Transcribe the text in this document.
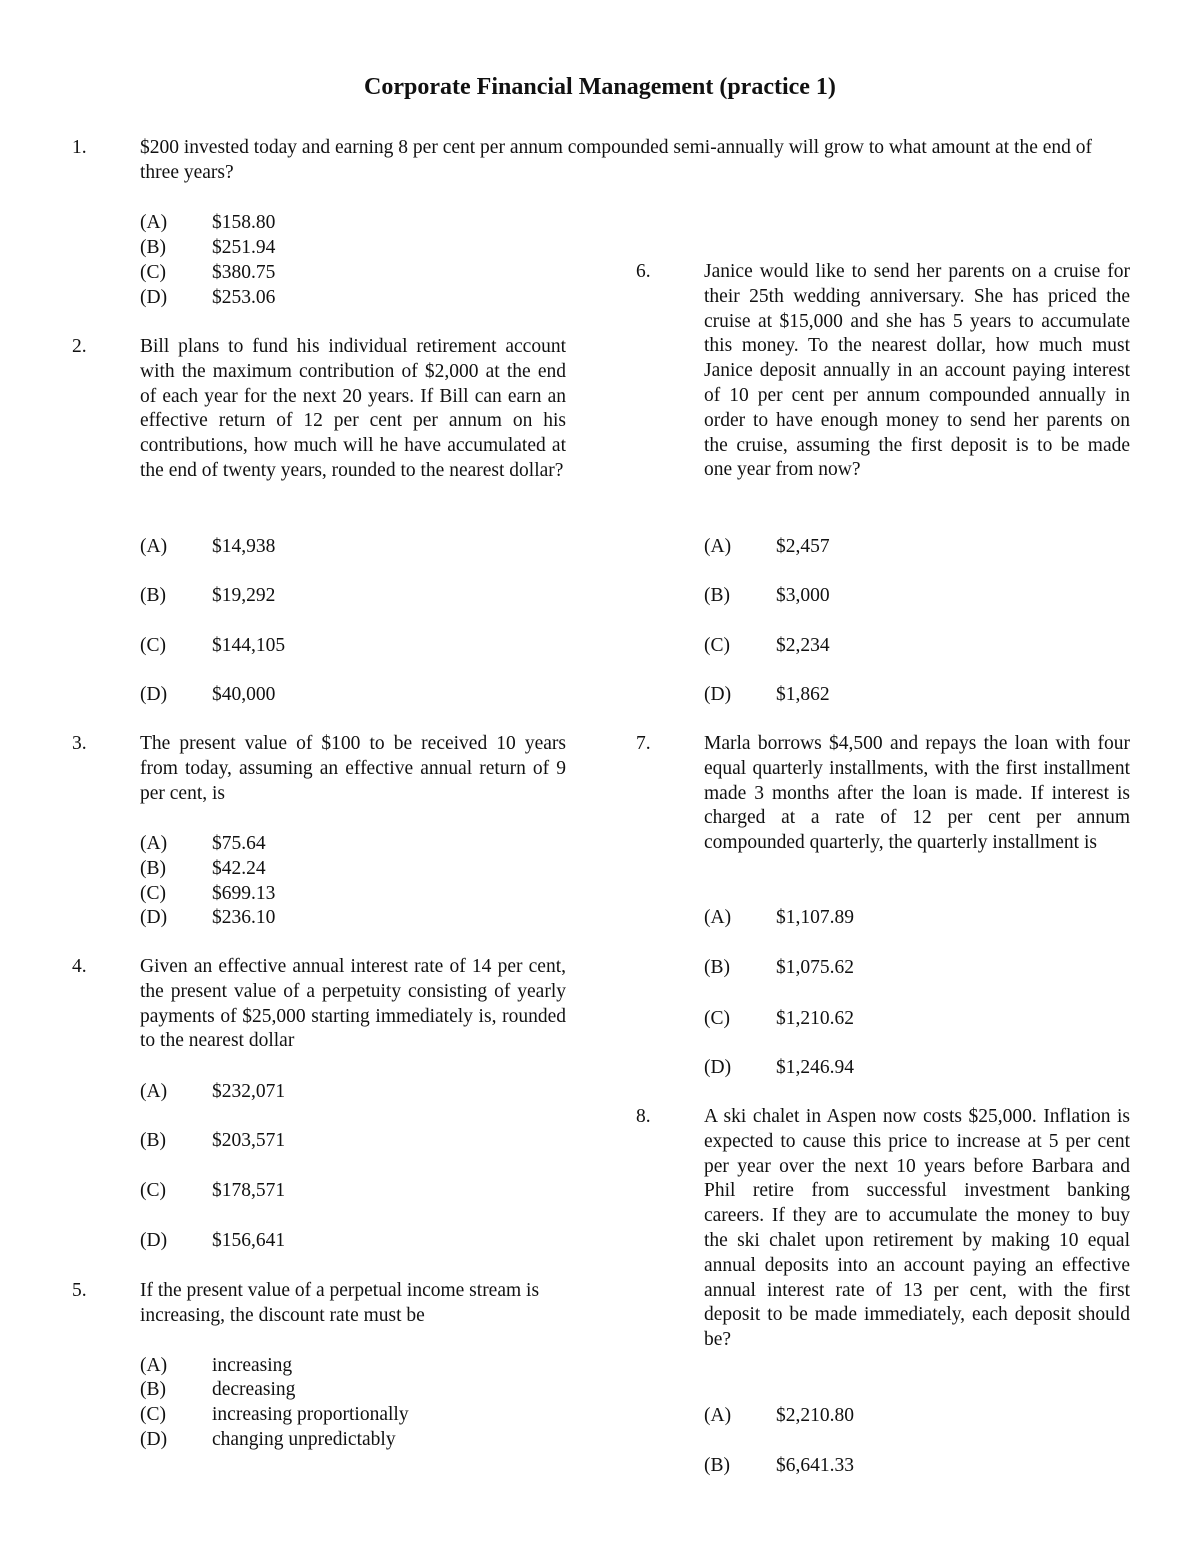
Corporate Financial Management (practice 1)
1.	$200 invested today and earning 8 per cent per annum compounded semi-annually will grow to what amount at the end of three years?
(A) $158.80
(B) $251.94
(C) $380.75
(D) $253.06
2.	Bill plans to fund his individual retirement account with the maximum contribution of $2,000 at the end of each year for the next 20 years. If Bill can earn an effective return of 12 per cent per annum on his contributions, how much will he have accumulated at the end of twenty years, rounded to the nearest dollar?
(A) $14,938
(B) $19,292
(C) $144,105
(D) $40,000
3.	The present value of $100 to be received 10 years from today, assuming an effective annual return of 9 per cent, is
(A) $75.64
(B) $42.24
(C) $699.13
(D) $236.10
4.	Given an effective annual interest rate of 14 per cent, the present value of a perpetuity consisting of yearly payments of $25,000 starting immediately is, rounded to the nearest dollar
(A) $232,071
(B) $203,571
(C) $178,571
(D) $156,641
5.	If the present value of a perpetual income stream is increasing, the discount rate must be
(A) increasing
(B) decreasing
(C) increasing proportionally
(D) changing unpredictably
6.	Janice would like to send her parents on a cruise for their 25th wedding anniversary. She has priced the cruise at $15,000 and she has 5 years to accumulate this money. To the nearest dollar, how much must Janice deposit annually in an account paying interest of 10 per cent per annum compounded annually in order to have enough money to send her parents on the cruise, assuming the first deposit is to be made one year from now?
(A) $2,457
(B) $3,000
(C) $2,234
(D) $1,862
7.	Marla borrows $4,500 and repays the loan with four equal quarterly installments, with the first installment made 3 months after the loan is made. If interest is charged at a rate of 12 per cent per annum compounded quarterly, the quarterly installment is
(A) $1,107.89
(B) $1,075.62
(C) $1,210.62
(D) $1,246.94
8.	A ski chalet in Aspen now costs $25,000. Inflation is expected to cause this price to increase at 5 per cent per year over the next 10 years before Barbara and Phil retire from successful investment banking careers. If they are to accumulate the money to buy the ski chalet upon retirement by making 10 equal annual deposits into an account paying an effective annual interest rate of 13 per cent, with the first deposit to be made immediately, each deposit should be?
(A) $2,210.80
(B) $6,641.33
